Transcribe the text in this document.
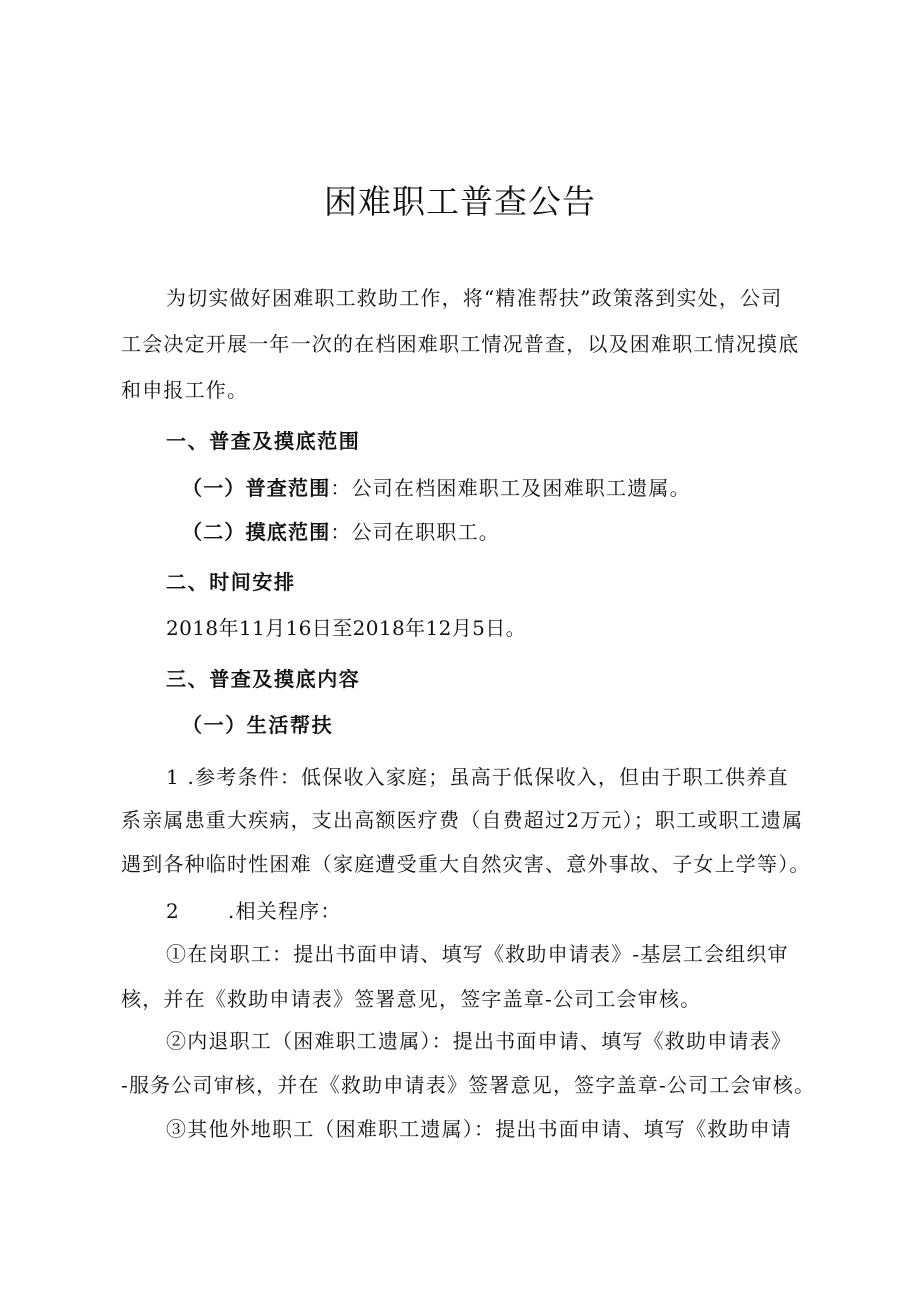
困难职工普查公告
为切实做好困难职工救助工作，将“精准帮扶”政策落到实处，公司
工会决定开展一年一次的在档困难职工情况普查，以及困难职工情况摸底
和申报工作。
一、普查及摸底范围
（一）普查范围：公司在档困难职工及困难职工遗属。
（二）摸底范围：公司在职职工。
二、时间安排
2018年11月16日至2018年12月5日。
三、普查及摸底内容
（一）生活帮扶
1 .参考条件：低保收入家庭；虽高于低保收入，但由于职工供养直
系亲属患重大疾病，支出高额医疗费（自费超过2万元）；职工或职工遗属
遇到各种临时性困难（家庭遭受重大自然灾害、意外事故、子女上学等）。
2 .相关程序：
①在岗职工：提出书面申请、填写《救助申请表》-基层工会组织审
核，并在《救助申请表》签署意见，签字盖章-公司工会审核。
②内退职工（困难职工遗属）：提出书面申请、填写《救助申请表》
-服务公司审核，并在《救助申请表》签署意见，签字盖章-公司工会审核。
③其他外地职工（困难职工遗属）：提出书面申请、填写《救助申请
